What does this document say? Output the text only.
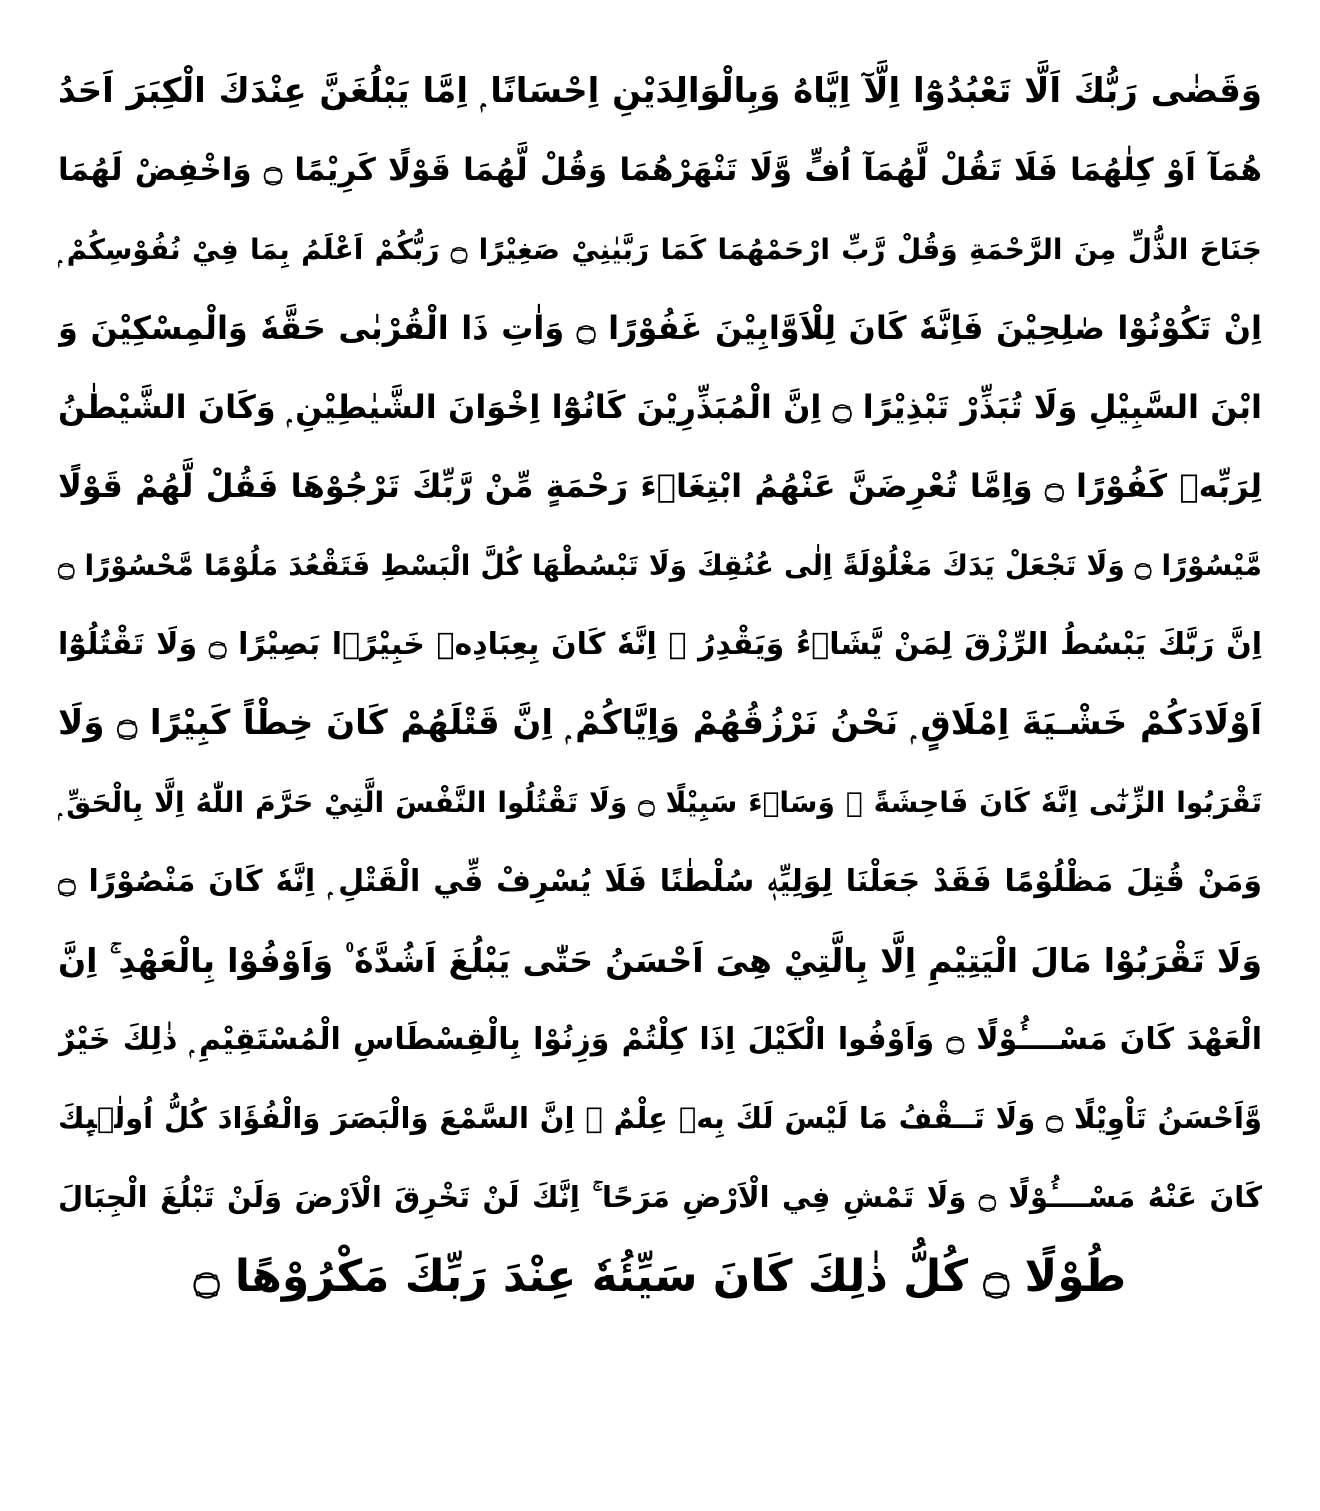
وَقَضٰى رَبُّكَ اَلَّا تَعْبُدُوْٓا اِلَّآ اِيَّاهُ وَبِالْوَالِدَيْنِ اِحْسَانًا ۭ اِمَّا يَبْلُغَنَّ عِنْدَكَ الْكِبَرَ اَحَدُ
هُمَآ اَوْ كِلٰهُمَا فَلَا تَقُلْ لَّهُمَآ اُفٍّ وَّلَا تَنْهَرْهُمَا وَقُلْ لَّهُمَا قَوْلًا كَرِيْمًا ۝ وَاخْفِضْ لَهُمَا
جَنَاحَ الذُّلِّ مِنَ الرَّحْمَةِ وَقُلْ رَّبِّ ارْحَمْهُمَا كَمَا رَبَّيٰنِيْ صَغِيْرًا ۝ رَبُّكُمْ اَعْلَمُ بِمَا فِيْ نُفُوْسِكُمْ ۭ
اِنْ تَكُوْنُوْا صٰلِحِيْنَ فَاِنَّهٗ كَانَ لِلْاَوَّابِيْنَ غَفُوْرًا ۝ وَاٰتِ ذَا الْقُرْبٰى حَقَّهٗ وَالْمِسْكِيْنَ وَ
ابْنَ السَّبِيْلِ وَلَا تُبَذِّرْ تَبْذِيْرًا ۝ اِنَّ الْمُبَذِّرِيْنَ كَانُوْٓا اِخْوَانَ الشَّيٰطِيْنِ ۭ وَكَانَ الشَّيْطٰنُ
لِرَبِّهٖ كَفُوْرًا ۝ وَاِمَّا تُعْرِضَنَّ عَنْهُمُ ابْتِغَاۗءَ رَحْمَةٍ مِّنْ رَّبِّكَ تَرْجُوْهَا فَقُلْ لَّهُمْ قَوْلًا
مَّيْسُوْرًا ۝ وَلَا تَجْعَلْ يَدَكَ مَغْلُوْلَةً اِلٰى عُنُقِكَ وَلَا تَبْسُطْهَا كُلَّ الْبَسْطِ فَتَقْعُدَ مَلُوْمًا مَّحْسُوْرًا ۝
اِنَّ رَبَّكَ يَبْسُطُ الرِّزْقَ لِمَنْ يَّشَاۗءُ وَيَقْدِرُ ۭ اِنَّهٗ كَانَ بِعِبَادِهٖ خَبِيْرًۢا بَصِيْرًا ۝ وَلَا تَقْتُلُوْٓا
اَوْلَادَكُمْ خَشْـيَةَ اِمْلَاقٍ ۭ نَحْنُ نَرْزُقُهُمْ وَاِيَّاكُمْ ۭ اِنَّ قَتْلَهُمْ كَانَ خِطْاً كَبِيْرًا ۝ وَلَا
تَقْرَبُوا الزِّنٰٓى اِنَّهٗ كَانَ فَاحِشَةً ۭ وَسَاۗءَ سَبِيْلًا ۝ وَلَا تَقْتُلُوا النَّفْسَ الَّتِيْ حَرَّمَ اللّٰهُ اِلَّا بِالْحَقِّ ۭ
وَمَنْ قُتِلَ مَظْلُوْمًا فَقَدْ جَعَلْنَا لِوَلِيِّهٖ سُلْطٰنًا فَلَا يُسْرِفْ فِّي الْقَتْلِ ۭ اِنَّهٗ كَانَ مَنْصُوْرًا ۝
وَلَا تَقْرَبُوْا مَالَ الْيَتِيْمِ اِلَّا بِالَّتِيْ هِىَ اَحْسَنُ حَتّٰى يَبْلُغَ اَشُدَّهٗ ۠ وَاَوْفُوْا بِالْعَهْدِ ۚ اِنَّ
الْعَهْدَ كَانَ مَسْــــُٔوْلًا ۝ وَاَوْفُوا الْكَيْلَ اِذَا كِلْتُمْ وَزِنُوْا بِالْقِسْطَاسِ الْمُسْتَقِيْمِ ۭ ذٰلِكَ خَيْرٌ
وَّاَحْسَنُ تَاْوِيْلًا ۝ وَلَا تَــقْفُ مَا لَيْسَ لَكَ بِهٖ عِلْمٌ ۭ اِنَّ السَّمْعَ وَالْبَصَرَ وَالْفُؤَادَ كُلُّ اُولٰۗىِٕكَ
كَانَ عَنْهُ مَسْــــُٔوْلًا ۝ وَلَا تَمْشِ فِي الْاَرْضِ مَرَحًا ۚ اِنَّكَ لَنْ تَخْرِقَ الْاَرْضَ وَلَنْ تَبْلُغَ الْجِبَالَ
طُوْلًا ۝ كُلُّ ذٰلِكَ كَانَ سَيِّئُهٗ عِنْدَ رَبِّكَ مَكْرُوْهًا ۝
